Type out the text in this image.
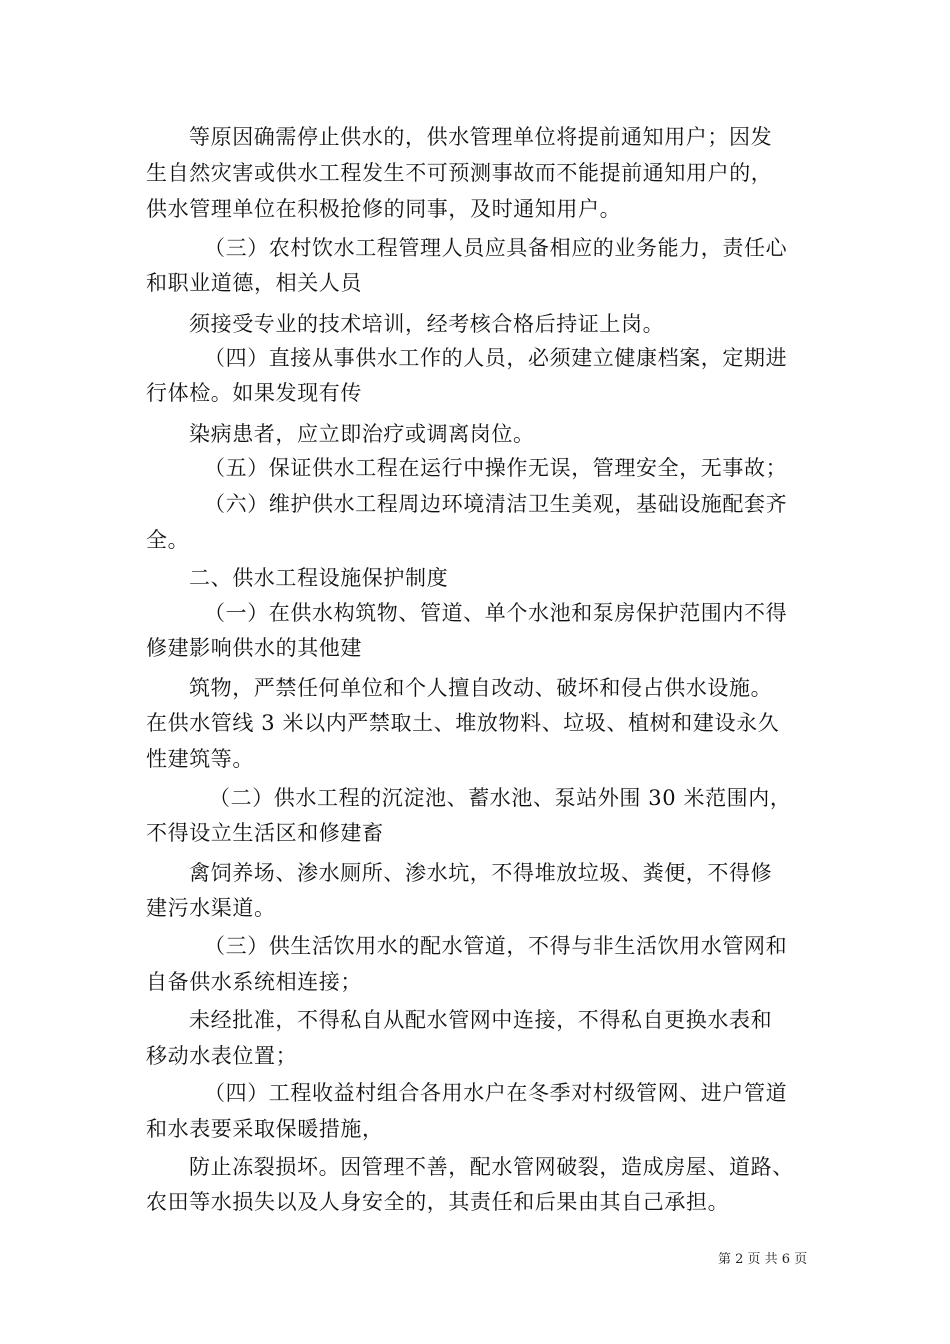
等原因确需停止供水的，供水管理单位将提前通知用户；因发
生自然灾害或供水工程发生不可预测事故而不能提前通知用户的，
供水管理单位在积极抢修的同事，及时通知用户。
（三）农村饮水工程管理人员应具备相应的业务能力，责任心
和职业道德，相关人员
须接受专业的技术培训，经考核合格后持证上岗。
（四）直接从事供水工作的人员，必须建立健康档案，定期进
行体检。如果发现有传
染病患者，应立即治疗或调离岗位。
（五）保证供水工程在运行中操作无误，管理安全，无事故；
（六）维护供水工程周边环境清洁卫生美观，基础设施配套齐
全。
二、供水工程设施保护制度
（一）在供水构筑物、管道、单个水池和泵房保护范围内不得
修建影响供水的其他建
筑物，严禁任何单位和个人擅自改动、破坏和侵占供水设施。
在供水管线 3 米以内严禁取土、堆放物料、垃圾、植树和建设永久
性建筑等。
（二）供水工程的沉淀池、蓄水池、泵站外围 30 米范围内，
不得设立生活区和修建畜
禽饲养场、渗水厕所、渗水坑，不得堆放垃圾、粪便，不得修
建污水渠道。
（三）供生活饮用水的配水管道，不得与非生活饮用水管网和
自备供水系统相连接；
未经批准，不得私自从配水管网中连接，不得私自更换水表和
移动水表位置；
（四）工程收益村组合各用水户在冬季对村级管网、进户管道
和水表要采取保暖措施，
防止冻裂损坏。因管理不善，配水管网破裂，造成房屋、道路、
农田等水损失以及人身安全的，其责任和后果由其自己承担。
第 2 页 共 6 页
